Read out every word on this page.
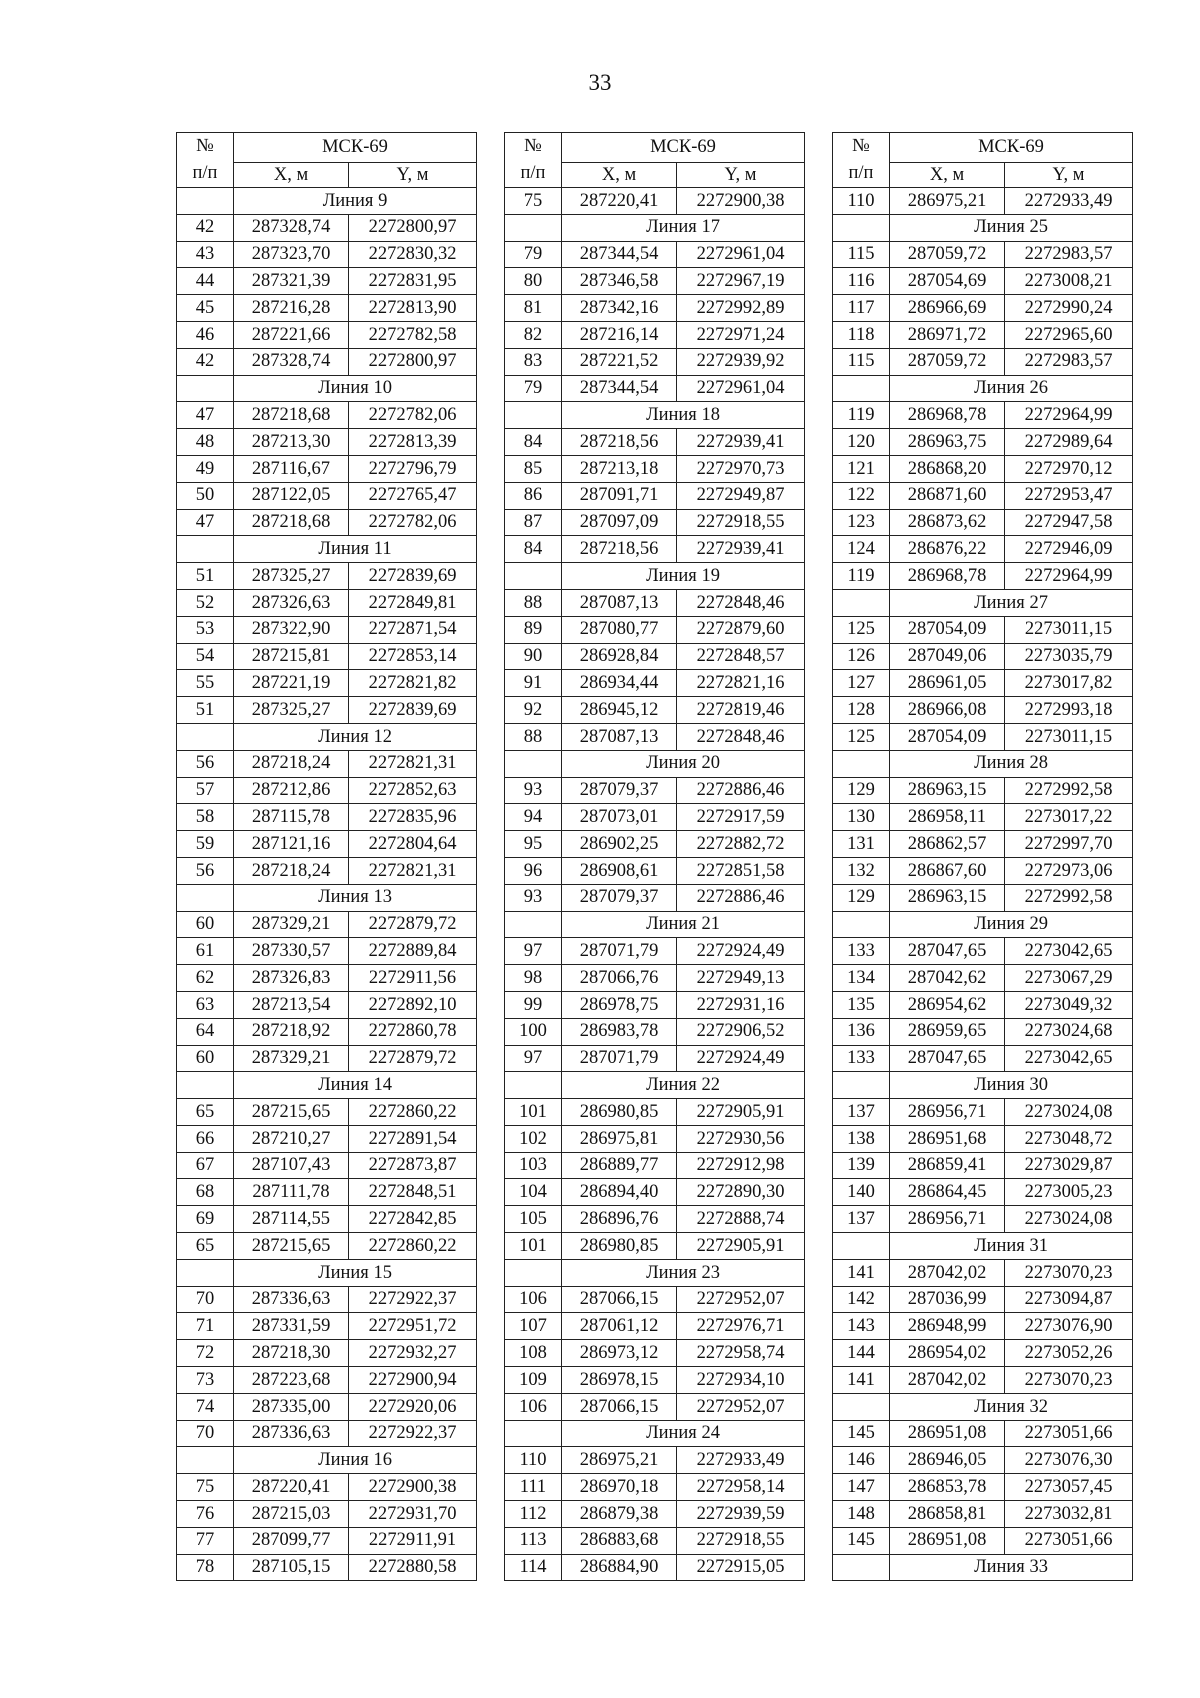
33
№
п/п	МСК-69	
	X, м	Y, м
	Линия 9	
42	287328,74	2272800,97
43	287323,70	2272830,32
44	287321,39	2272831,95
45	287216,28	2272813,90
46	287221,66	2272782,58
42	287328,74	2272800,97
	Линия 10	
47	287218,68	2272782,06
48	287213,30	2272813,39
49	287116,67	2272796,79
50	287122,05	2272765,47
47	287218,68	2272782,06
	Линия 11	
51	287325,27	2272839,69
52	287326,63	2272849,81
53	287322,90	2272871,54
54	287215,81	2272853,14
55	287221,19	2272821,82
51	287325,27	2272839,69
	Линия 12	
56	287218,24	2272821,31
57	287212,86	2272852,63
58	287115,78	2272835,96
59	287121,16	2272804,64
56	287218,24	2272821,31
	Линия 13	
60	287329,21	2272879,72
61	287330,57	2272889,84
62	287326,83	2272911,56
63	287213,54	2272892,10
64	287218,92	2272860,78
60	287329,21	2272879,72
	Линия 14	
65	287215,65	2272860,22
66	287210,27	2272891,54
67	287107,43	2272873,87
68	287111,78	2272848,51
69	287114,55	2272842,85
65	287215,65	2272860,22
	Линия 15	
70	287336,63	2272922,37
71	287331,59	2272951,72
72	287218,30	2272932,27
73	287223,68	2272900,94
74	287335,00	2272920,06
70	287336,63	2272922,37
	Линия 16	
75	287220,41	2272900,38
76	287215,03	2272931,70
77	287099,77	2272911,91
78	287105,15	2272880,58
№
п/п	МСК-69	
	X, м	Y, м
75	287220,41	2272900,38
	Линия 17	
79	287344,54	2272961,04
80	287346,58	2272967,19
81	287342,16	2272992,89
82	287216,14	2272971,24
83	287221,52	2272939,92
79	287344,54	2272961,04
	Линия 18	
84	287218,56	2272939,41
85	287213,18	2272970,73
86	287091,71	2272949,87
87	287097,09	2272918,55
84	287218,56	2272939,41
	Линия 19	
88	287087,13	2272848,46
89	287080,77	2272879,60
90	286928,84	2272848,57
91	286934,44	2272821,16
92	286945,12	2272819,46
88	287087,13	2272848,46
	Линия 20	
93	287079,37	2272886,46
94	287073,01	2272917,59
95	286902,25	2272882,72
96	286908,61	2272851,58
93	287079,37	2272886,46
	Линия 21	
97	287071,79	2272924,49
98	287066,76	2272949,13
99	286978,75	2272931,16
100	286983,78	2272906,52
97	287071,79	2272924,49
	Линия 22	
101	286980,85	2272905,91
102	286975,81	2272930,56
103	286889,77	2272912,98
104	286894,40	2272890,30
105	286896,76	2272888,74
101	286980,85	2272905,91
	Линия 23	
106	287066,15	2272952,07
107	287061,12	2272976,71
108	286973,12	2272958,74
109	286978,15	2272934,10
106	287066,15	2272952,07
	Линия 24	
110	286975,21	2272933,49
111	286970,18	2272958,14
112	286879,38	2272939,59
113	286883,68	2272918,55
114	286884,90	2272915,05
№
п/п	МСК-69	
	X, м	Y, м
110	286975,21	2272933,49
	Линия 25	
115	287059,72	2272983,57
116	287054,69	2273008,21
117	286966,69	2272990,24
118	286971,72	2272965,60
115	287059,72	2272983,57
	Линия 26	
119	286968,78	2272964,99
120	286963,75	2272989,64
121	286868,20	2272970,12
122	286871,60	2272953,47
123	286873,62	2272947,58
124	286876,22	2272946,09
119	286968,78	2272964,99
	Линия 27	
125	287054,09	2273011,15
126	287049,06	2273035,79
127	286961,05	2273017,82
128	286966,08	2272993,18
125	287054,09	2273011,15
	Линия 28	
129	286963,15	2272992,58
130	286958,11	2273017,22
131	286862,57	2272997,70
132	286867,60	2272973,06
129	286963,15	2272992,58
	Линия 29	
133	287047,65	2273042,65
134	287042,62	2273067,29
135	286954,62	2273049,32
136	286959,65	2273024,68
133	287047,65	2273042,65
	Линия 30	
137	286956,71	2273024,08
138	286951,68	2273048,72
139	286859,41	2273029,87
140	286864,45	2273005,23
137	286956,71	2273024,08
	Линия 31	
141	287042,02	2273070,23
142	287036,99	2273094,87
143	286948,99	2273076,90
144	286954,02	2273052,26
141	287042,02	2273070,23
	Линия 32	
145	286951,08	2273051,66
146	286946,05	2273076,30
147	286853,78	2273057,45
148	286858,81	2273032,81
145	286951,08	2273051,66
	Линия 33	
